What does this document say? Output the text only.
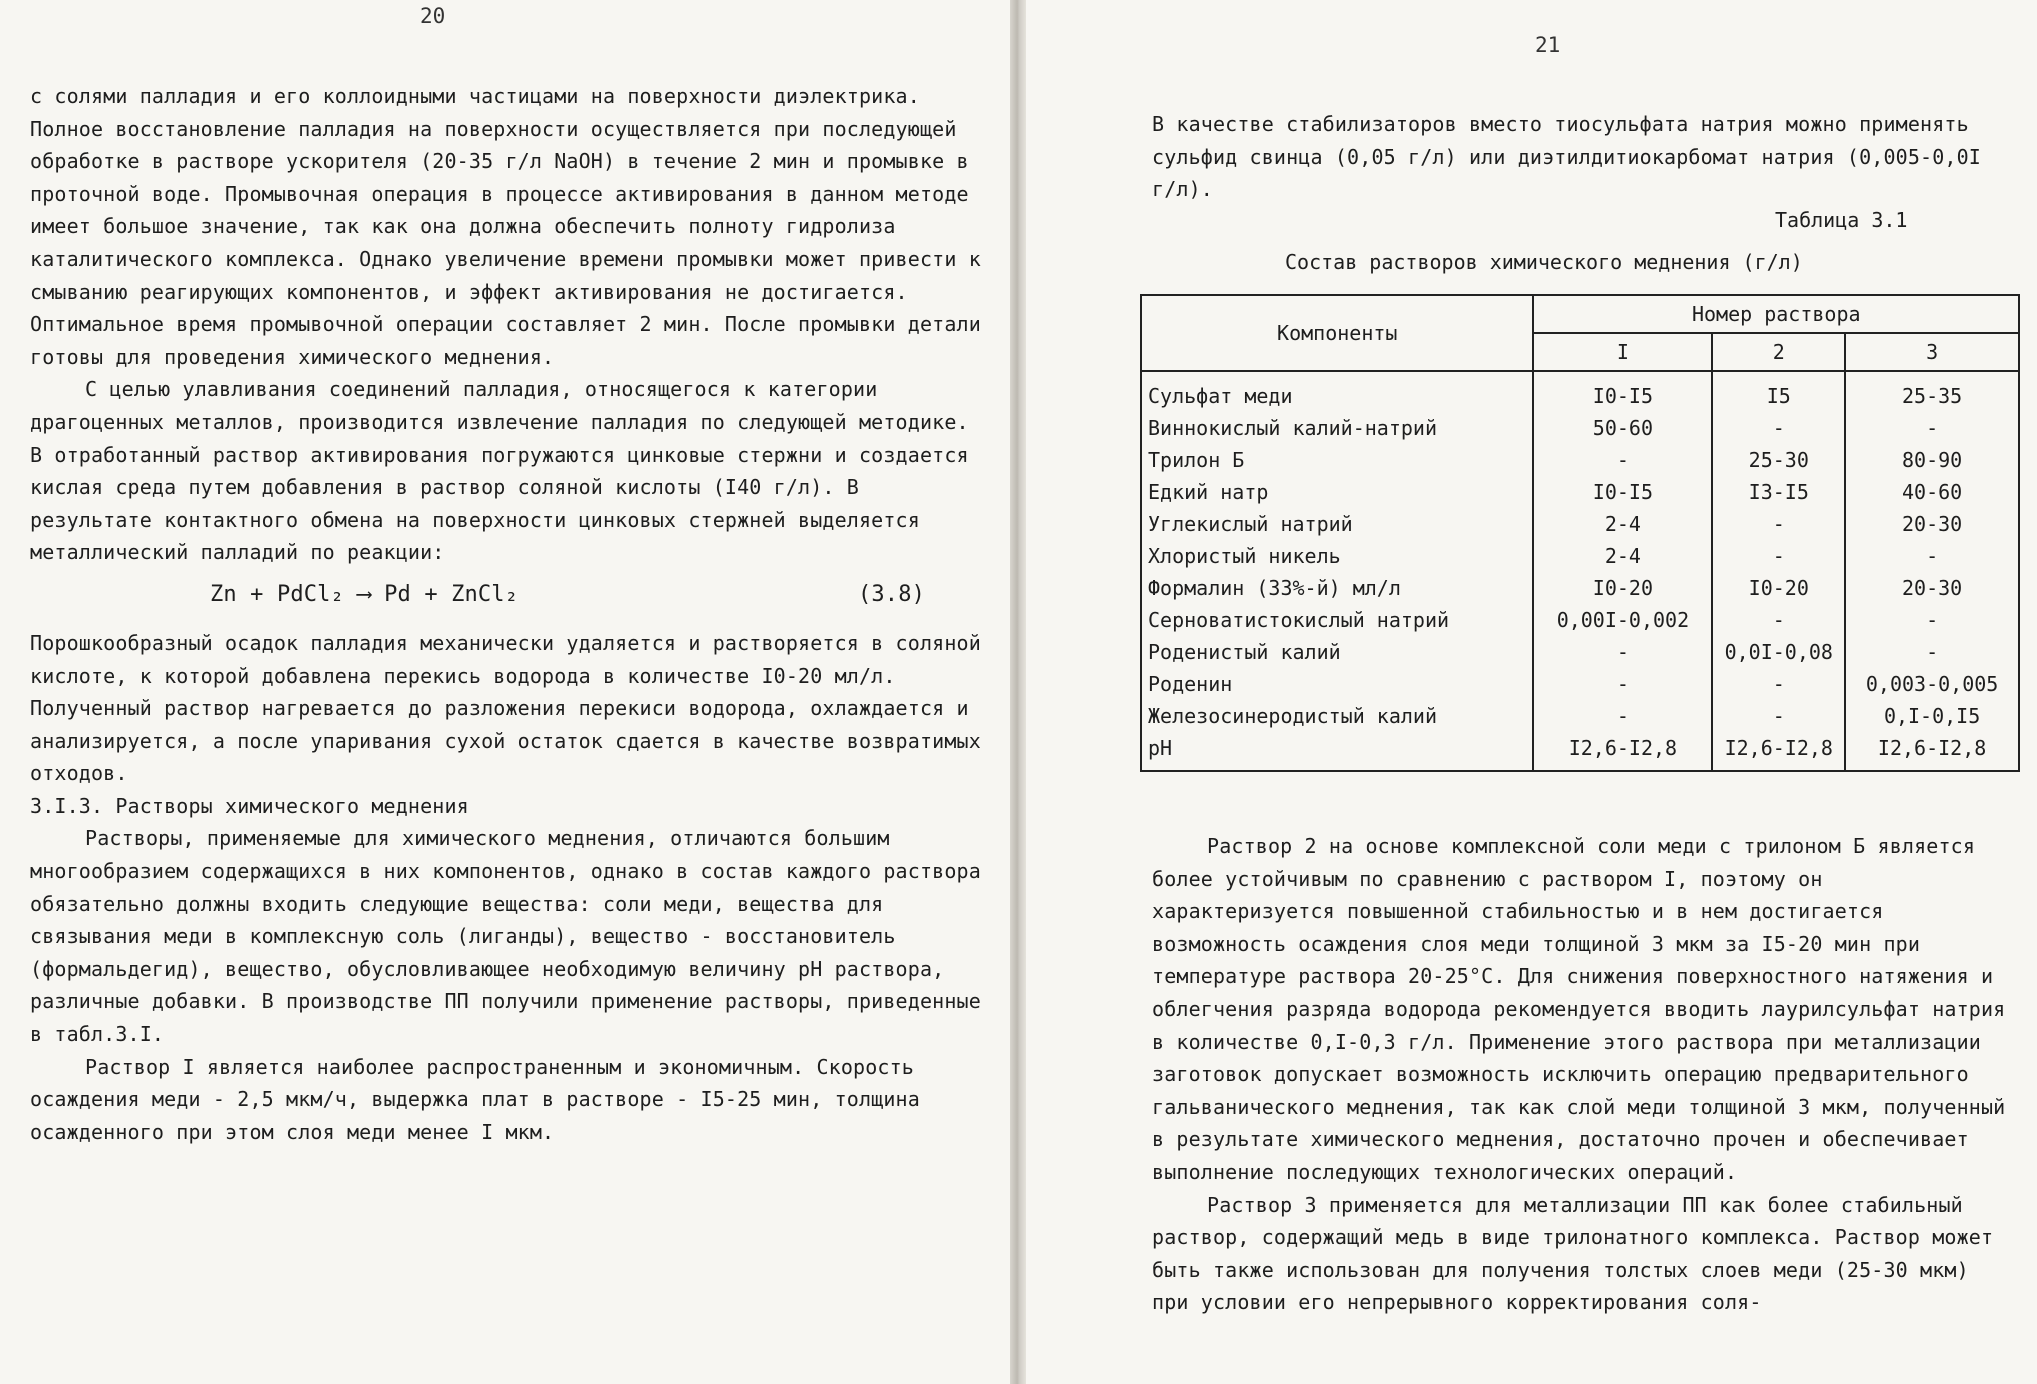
20

с солями палладия и его коллоидными частицами на поверхности диэлектрика. Полное восстановление палладия на поверхности осуществляется при последующей обработке в растворе ускорителя (20-35 г/л NaOH) в течение 2 мин и промывке в проточной воде. Промывочная операция в процессе активирования в данном методе имеет большое значение, так как она должна обеспечить полноту гидролиза каталитического комплекса. Однако увеличение времени промывки может привести к смыванию реагирующих компонентов, и эффект активирования не достигается. Оптимальное время промывочной операции составляет 2 мин. После промывки детали готовы для проведения химического меднения.

С целью улавливания соединений палладия, относящегося к категории драгоценных металлов, производится извлечение палладия по следующей методике. В отработанный раствор активирования погружаются цинковые стержни и создается кислая среда путем добавления в раствор соляной кислоты (I40 г/л). В результате контактного обмена на поверхности цинковых стержней выделяется металлический палладий по реакции:

Zn + PdCl₂ ⟶ Pd + ZnCl₂	(3.8)

Порошкообразный осадок палладия механически удаляется и растворяется в соляной кислоте, к которой добавлена перекись водорода в количестве I0-20 мл/л. Полученный раствор нагревается до разложения перекиси водорода, охлаждается и анализируется, а после упаривания сухой остаток сдается в качестве возвратимых отходов.

3.I.3. Растворы химического меднения

Растворы, применяемые для химического меднения, отличаются большим многообразием содержащихся в них компонентов, однако в состав каждого раствора обязательно должны входить следующие вещества: соли меди, вещества для связывания меди в комплексную соль (лиганды), вещество - восстановитель (формальдегид), вещество, обусловливающее необходимую величину pH раствора, различные добавки. В производстве ПП получили применение растворы, приведенные в табл.3.I.

Раствор I является наиболее распространенным и экономичным. Скорость осаждения меди - 2,5 мкм/ч, выдержка плат в растворе - I5-25 мин, толщина осажденного при этом слоя меди менее I мкм.

21

В качестве стабилизаторов вместо тиосульфата натрия можно применять сульфид свинца (0,05 г/л) или диэтилдитиокарбомат натрия (0,005-0,0I г/л).

Таблица 3.1
Состав растворов химического меднения (г/л)
Компоненты	Номер раствора		
	I	2	3
Сульфат меди	I0-I5	I5	25-35
Виннокислый калий-натрий	50-60	-	-
Трилон Б	-	25-30	80-90
Едкий натр	I0-I5	I3-I5	40-60
Углекислый натрий	2-4	-	20-30
Хлористый никель	2-4	-	-
Формалин (33%-й) мл/л	I0-20	I0-20	20-30
Серноватистокислый натрий	0,00I-0,002	-	-
Роденистый калий	-	0,0I-0,08	-
Роденин	-	-	0,003-0,005
Железосинеродистый калий	-	-	0,I-0,I5
pH	I2,6-I2,8	I2,6-I2,8	I2,6-I2,8

Раствор 2 на основе комплексной соли меди с трилоном Б является более устойчивым по сравнению с раствором I, поэтому он характеризуется повышенной стабильностью и в нем достигается возможность осаждения слоя меди толщиной 3 мкм за I5-20 мин при температуре раствора 20-25°С. Для снижения поверхностного натяжения и облегчения разряда водорода рекомендуется вводить лаурилсульфат натрия в количестве 0,I-0,3 г/л. Применение этого раствора при металлизации заготовок допускает возможность исключить операцию предварительного гальванического меднения, так как слой меди толщиной 3 мкм, полученный в результате химического меднения, достаточно прочен и обеспечивает выполнение последующих технологических операций.

Раствор 3 применяется для металлизации ПП как более стабильный раствор, содержащий медь в виде трилонатного комплекса. Раствор может быть также использован для получения толстых слоев меди (25-30 мкм) при условии его непрерывного корректирования соля-
